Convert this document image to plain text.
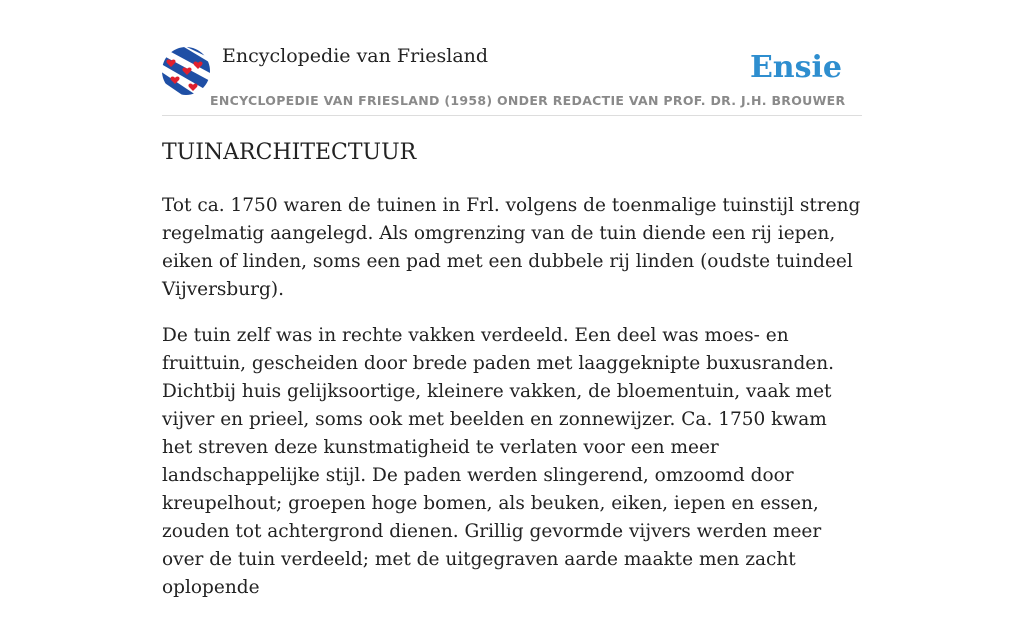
Encyclopedie van Friesland	Ensie
ENCYCLOPEDIE VAN FRIESLAND (1958) ONDER REDACTIE VAN PROF. DR. J.H. BROUWER
TUINARCHITECTUUR

Tot ca. 1750 waren de tuinen in Frl. volgens de toenmalige tuinstijl streng regelmatig aangelegd. Als omgrenzing van de tuin diende een rij iepen, eiken of linden, soms een pad met een dubbele rij linden (oudste tuindeel Vijversburg).

De tuin zelf was in rechte vakken verdeeld. Een deel was moes- en fruittuin, gescheiden door brede paden met laaggeknipte buxusranden. Dichtbij huis gelijksoortige, kleinere vakken, de bloementuin, vaak met vijver en prieel, soms ook met beelden en zonnewijzer. Ca. 1750 kwam het streven deze kunstmatigheid te verlaten voor een meer landschappelijke stijl. De paden werden slingerend, omzoomd door kreupelhout; groepen hoge bomen, als beuken, eiken, iepen en essen, zouden tot achtergrond dienen. Grillig gevormde vijvers werden meer over de tuin verdeeld; met de uitgegraven aarde maakte men zacht oplopende
